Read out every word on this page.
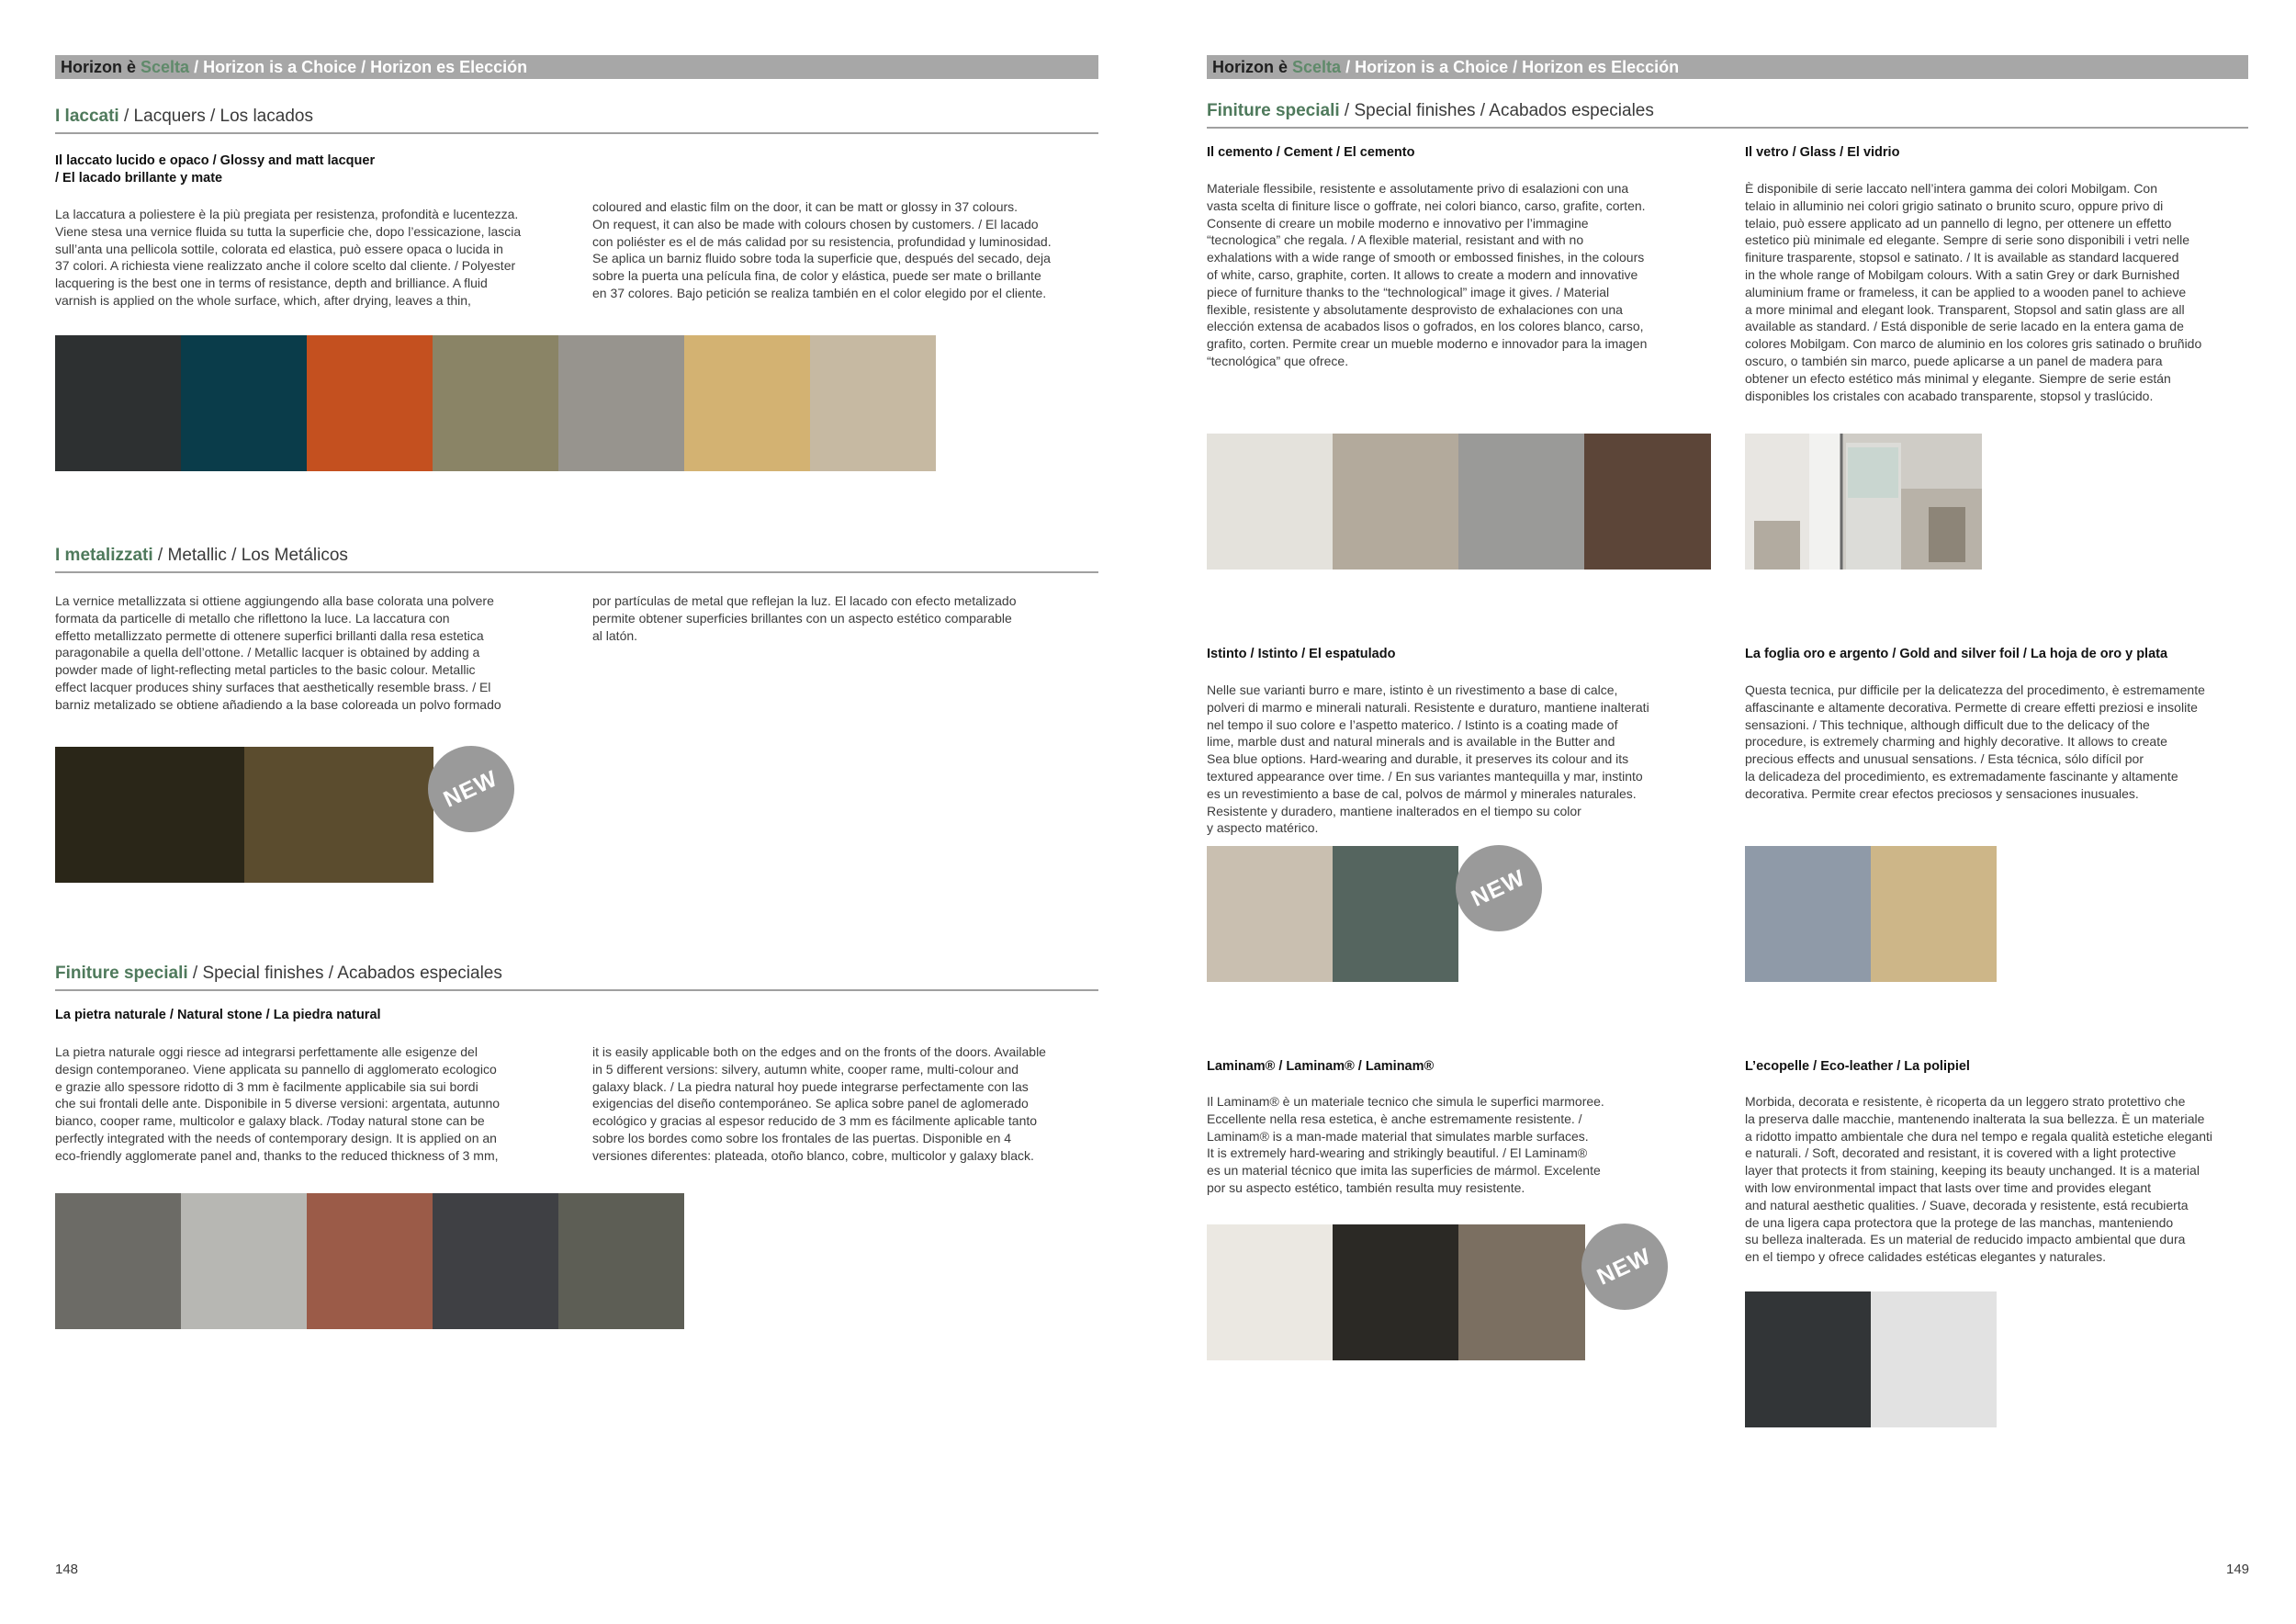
Horizon è Scelta / Horizon is a Choice / Horizon es Elección
I laccati / Lacquers / Los lacados
Il laccato lucido e opaco / Glossy and matt lacquer
/ El lacado brillante y mate
La laccatura a poliestere è la più pregiata per resistenza, profondità e lucentezza.
Viene stesa una vernice fluida su tutta la superficie che, dopo l’essicazione, lascia
sull’anta una pellicola sottile, colorata ed elastica, può essere opaca o lucida in
37 colori. A richiesta viene realizzato anche il colore scelto dal cliente. / Polyester
lacquering is the best one in terms of resistance, depth and brilliance. A fluid
varnish is applied on the whole surface, which, after drying, leaves a thin,
coloured and elastic film on the door, it can be matt or glossy in 37 colours.
On request, it can also be made with colours chosen by customers. / El lacado
con poliéster es el de más calidad por su resistencia, profundidad y luminosidad.
Se aplica un barniz fluido sobre toda la superficie que, después del secado, deja
sobre la puerta una película fina, de color y elástica, puede ser mate o brillante
en 37 colores. Bajo petición se realiza también en el color elegido por el cliente.
I metalizzati / Metallic / Los Metálicos
La vernice metallizzata si ottiene aggiungendo alla base colorata una polvere
formata da particelle di metallo che riflettono la luce. La laccatura con
effetto metallizzato permette di ottenere superfici brillanti dalla resa estetica
paragonabile a quella dell’ottone. / Metallic lacquer is obtained by adding a
powder made of light-reflecting metal particles to the basic colour. Metallic
effect lacquer produces shiny surfaces that aesthetically resemble brass. / El
barniz metalizado se obtiene añadiendo a la base coloreada un polvo formado
por partículas de metal que reflejan la luz. El lacado con efecto metalizado
permite obtener superficies brillantes con un aspecto estético comparable
al latón.
NEW
Finiture speciali / Special finishes / Acabados especiales
La pietra naturale / Natural stone / La piedra natural
La pietra naturale oggi riesce ad integrarsi perfettamente alle esigenze del
design contemporaneo. Viene applicata su pannello di agglomerato ecologico
e grazie allo spessore ridotto di 3 mm è facilmente applicabile sia sui bordi
che sui frontali delle ante. Disponibile in 5 diverse versioni: argentata, autunno
bianco, cooper rame, multicolor e galaxy black. /Today natural stone can be
perfectly integrated with the needs of contemporary design. It is applied on an
eco-friendly agglomerate panel and, thanks to the reduced thickness of 3 mm,
it is easily applicable both on the edges and on the fronts of the doors. Available
in 5 different versions: silvery, autumn white, cooper rame, multi-colour and
galaxy black. / La piedra natural hoy puede integrarse perfectamente con las
exigencias del diseño contemporáneo. Se aplica sobre panel de aglomerado
ecológico y gracias al espesor reducido de 3 mm es fácilmente aplicable tanto
sobre los bordes como sobre los frontales de las puertas. Disponible en 4
versiones diferentes: plateada, otoño blanco, cobre, multicolor y galaxy black.
148
Horizon è Scelta / Horizon is a Choice / Horizon es Elección
Finiture speciali / Special finishes / Acabados especiales
Il cemento / Cement / El cemento
Materiale flessibile, resistente e assolutamente privo di esalazioni con una
vasta scelta di finiture lisce o goffrate, nei colori bianco, carso, grafite, corten.
Consente di creare un mobile moderno e innovativo per l’immagine
“tecnologica” che regala. / A flexible material, resistant and with no
exhalations with a wide range of smooth or embossed finishes, in the colours
of white, carso, graphite, corten. It allows to create a modern and innovative
piece of furniture thanks to the “technological” image it gives. / Material
flexible, resistente y absolutamente desprovisto de exhalaciones con una
elección extensa de acabados lisos o gofrados, en los colores blanco, carso,
grafito, corten. Permite crear un mueble moderno e innovador para la imagen
“tecnológica” que ofrece.
Il vetro / Glass / El vidrio
È disponibile di serie laccato nell’intera gamma dei colori Mobilgam. Con
telaio in alluminio nei colori grigio satinato o brunito scuro, oppure privo di
telaio, può essere applicato ad un pannello di legno, per ottenere un effetto
estetico più minimale ed elegante. Sempre di serie sono disponibili i vetri nelle
finiture trasparente, stopsol e satinato. / It is available as standard lacquered
in the whole range of Mobilgam colours. With a satin Grey or dark Burnished
aluminium frame or frameless, it can be applied to a wooden panel to achieve
a more minimal and elegant look. Transparent, Stopsol and satin glass are all
available as standard. / Está disponible de serie lacado en la entera gama de
colores Mobilgam. Con marco de aluminio en los colores gris satinado o bruñido
oscuro, o también sin marco, puede aplicarse a un panel de madera para
obtener un efecto estético más minimal y elegante. Siempre de serie están
disponibles los cristales con acabado transparente, stopsol y traslúcido.
Istinto / Istinto / El espatulado
Nelle sue varianti burro e mare, istinto è un rivestimento a base di calce,
polveri di marmo e minerali naturali. Resistente e duraturo, mantiene inalterati
nel tempo il suo colore e l’aspetto materico. / Istinto is a coating made of
lime, marble dust and natural minerals and is available in the Butter and
Sea blue options. Hard-wearing and durable, it preserves its colour and its
textured appearance over time. / En sus variantes mantequilla y mar, instinto
es un revestimiento a base de cal, polvos de mármol y minerales naturales.
Resistente y duradero, mantiene inalterados en el tiempo su color
y aspecto matérico.
NEW
La foglia oro e argento / Gold and silver foil / La hoja de oro y plata
Questa tecnica, pur difficile per la delicatezza del procedimento, è estremamente
affascinante e altamente decorativa. Permette di creare effetti preziosi e insolite
sensazioni. / This technique, although difficult due to the delicacy of the
procedure, is extremely charming and highly decorative. It allows to create
precious effects and unusual sensations. / Esta técnica, sólo difícil por
la delicadeza del procedimiento, es extremadamente fascinante y altamente
decorativa. Permite crear efectos preciosos y sensaciones inusuales.
Laminam® / Laminam® / Laminam®
Il Laminam® è un materiale tecnico che simula le superfici marmoree.
Eccellente nella resa estetica, è anche estremamente resistente. /
Laminam® is a man-made material that simulates marble surfaces.
It is extremely hard-wearing and strikingly beautiful. / El Laminam®
es un material técnico que imita las superficies de mármol. Excelente
por su aspecto estético, también resulta muy resistente.
NEW
L’ecopelle / Eco-leather / La polipiel
Morbida, decorata e resistente, è ricoperta da un leggero strato protettivo che
la preserva dalle macchie, mantenendo inalterata la sua bellezza. È un materiale
a ridotto impatto ambientale che dura nel tempo e regala qualità estetiche eleganti
e naturali. / Soft, decorated and resistant, it is covered with a light protective
layer that protects it from staining, keeping its beauty unchanged. It is a material
with low environmental impact that lasts over time and provides elegant
and natural aesthetic qualities. / Suave, decorada y resistente, está recubierta
de una ligera capa protectora que la protege de las manchas, manteniendo
su belleza inalterada. Es un material de reducido impacto ambiental que dura
en el tiempo y ofrece calidades estéticas elegantes y naturales.
149
